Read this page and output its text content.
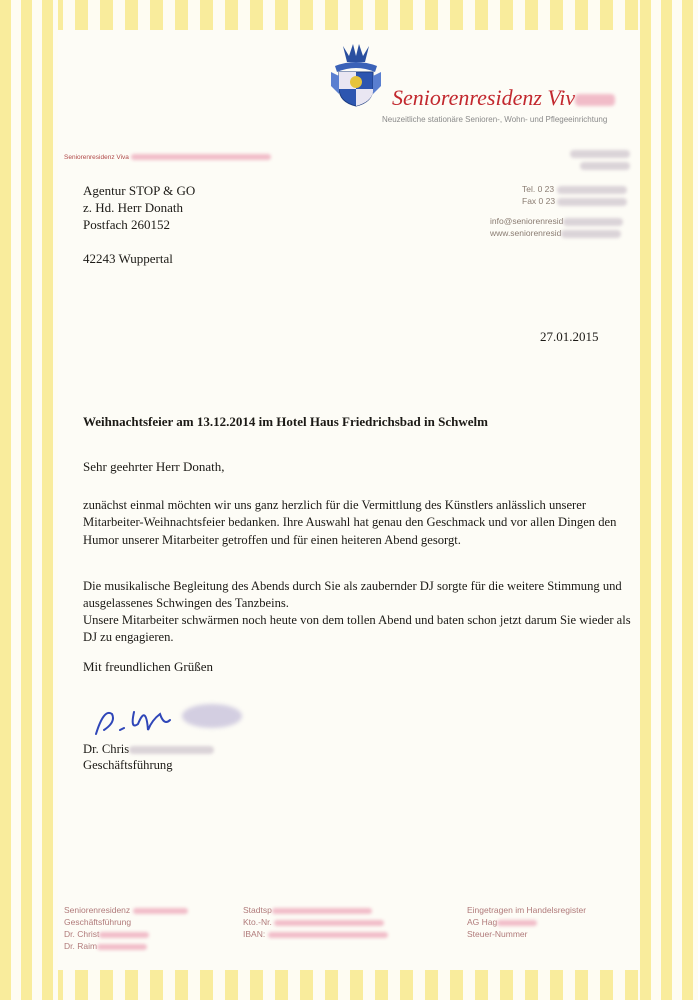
Seniorenresidenz Viv
Neuzeitliche stationäre Senioren-, Wohn- und Pflegeeinrichtung
Seniorenresidenz Viva
Tel. 0 23
Fax 0 23
info@seniorenresid
www.seniorenresid
Agentur STOP & GO
z. Hd. Herr Donath
Postfach 260152
42243 Wuppertal
27.01.2015
Weihnachtsfeier am 13.12.2014 im Hotel Haus Friedrichsbad in Schwelm
Sehr geehrter Herr Donath,
zunächst einmal möchten wir uns ganz herzlich für die Vermittlung des Künstlers anlässlich unserer Mitarbeiter-Weihnachtsfeier bedanken. Ihre Auswahl hat genau den Geschmack und vor allen Dingen den Humor unserer Mitarbeiter getroffen und für einen heiteren Abend gesorgt.
Die musikalische Begleitung des Abends durch Sie als zaubernder DJ sorgte für die weitere Stimmung und ausgelassenes Schwingen des Tanzbeins.
Unsere Mitarbeiter schwärmen noch heute von dem tollen Abend und baten schon jetzt darum Sie wieder als DJ zu engagieren.
Mit freundlichen Grüßen
Dr. Chris
Geschäftsführung
Seniorenresidenz
Geschäftsführung
Dr. Christ
Dr. Raim
Stadtsp
Kto.-Nr.
IBAN:
Eingetragen im Handelsregister
AG Hag
Steuer-Nummer
